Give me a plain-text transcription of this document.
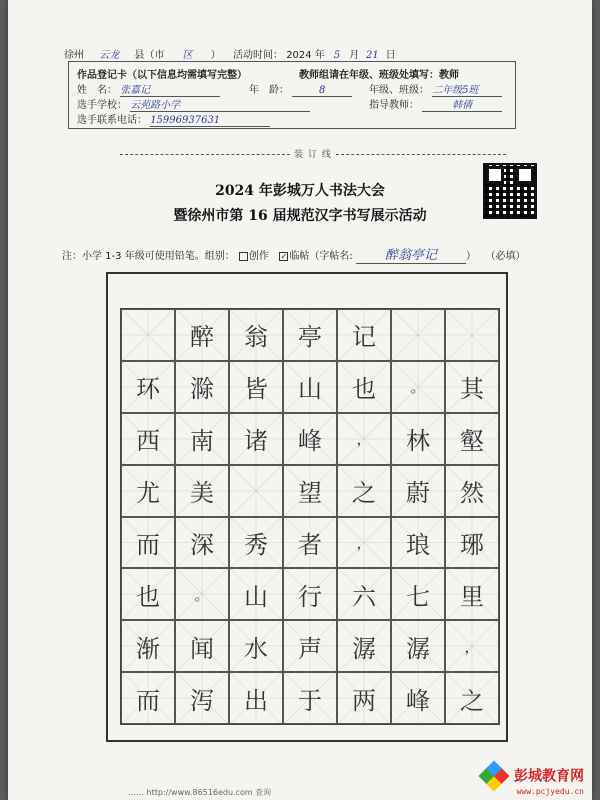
徐州 云龙 县（市 区 ） 活动时间： 2024 年 5 月 21 日
作品登记卡（以下信息均需填写完整）	教师组请在年级、班级处填写：教师
姓　名： 张嘉记	年　龄：	8	年级、班级： 二年级5班
选手学校： 云苑路小学	指导教师：	韩倩
选手联系电话： 15996937631
装 订 线
2024 年彭城万人书法大会
暨徐州市第 16 届规范汉字书写展示活动
注：小学 1-3 年级可使用铅笔。组别： 创作   ✓ 临帖（字帖名: 醉翁亭记	） （必填）
醉	翁	亭	记
环	滁	皆	山	也	。	其
西	南	诸	峰	，	林	壑
尤	美	望	之	蔚	然
而	深	秀	者	，	琅	琊
也	。	山	行	六	七	里
渐	闻	水	声	潺	潺	，
而	泻	出	于	两	峰	之
…… http://www.86516edu.com 查询
彭城教育网
www.pcjyedu.cn
